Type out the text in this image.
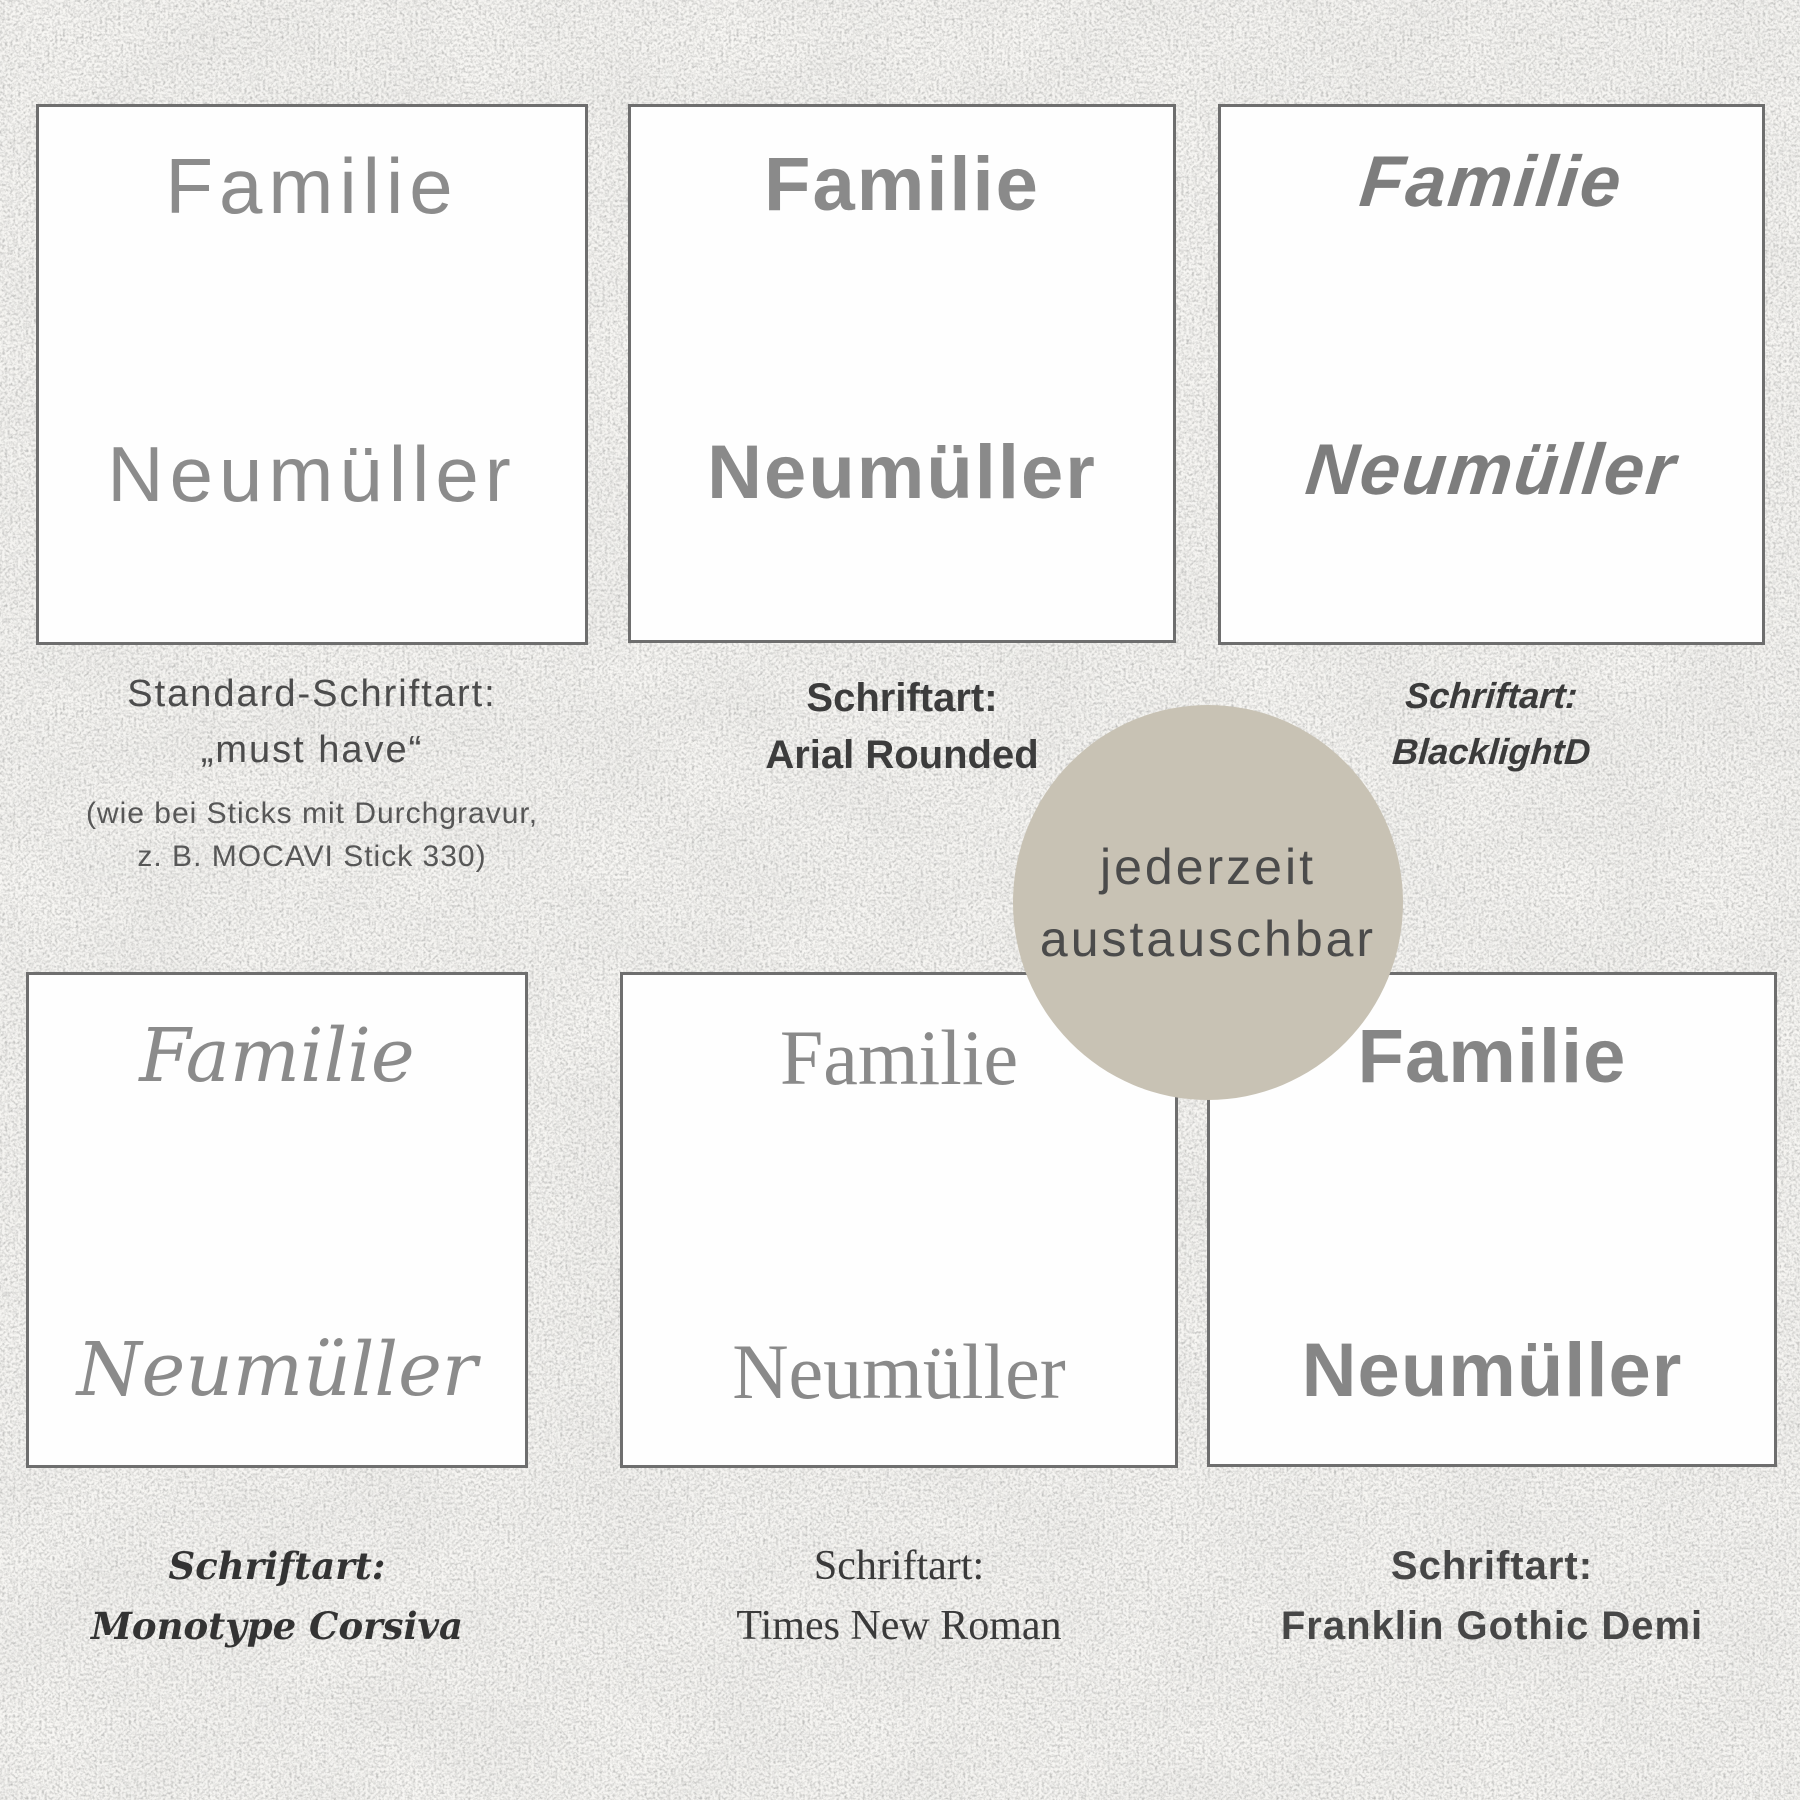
Familie
Neumüller
Familie
Neumüller
Familie
Neumüller
Standard-Schriftart:
„must have“
(wie bei Sticks mit Durchgravur,
z. B. MOCAVI Stick 330)
Schriftart:
Arial Rounded
Schriftart:
BlacklightD
Familie
Neumüller
Familie
Neumüller
Familie
Neumüller
Schriftart:
Monotype Corsiva
Schriftart:
Times New Roman
Schriftart:
Franklin Gothic Demi
jederzeit
austauschbar
